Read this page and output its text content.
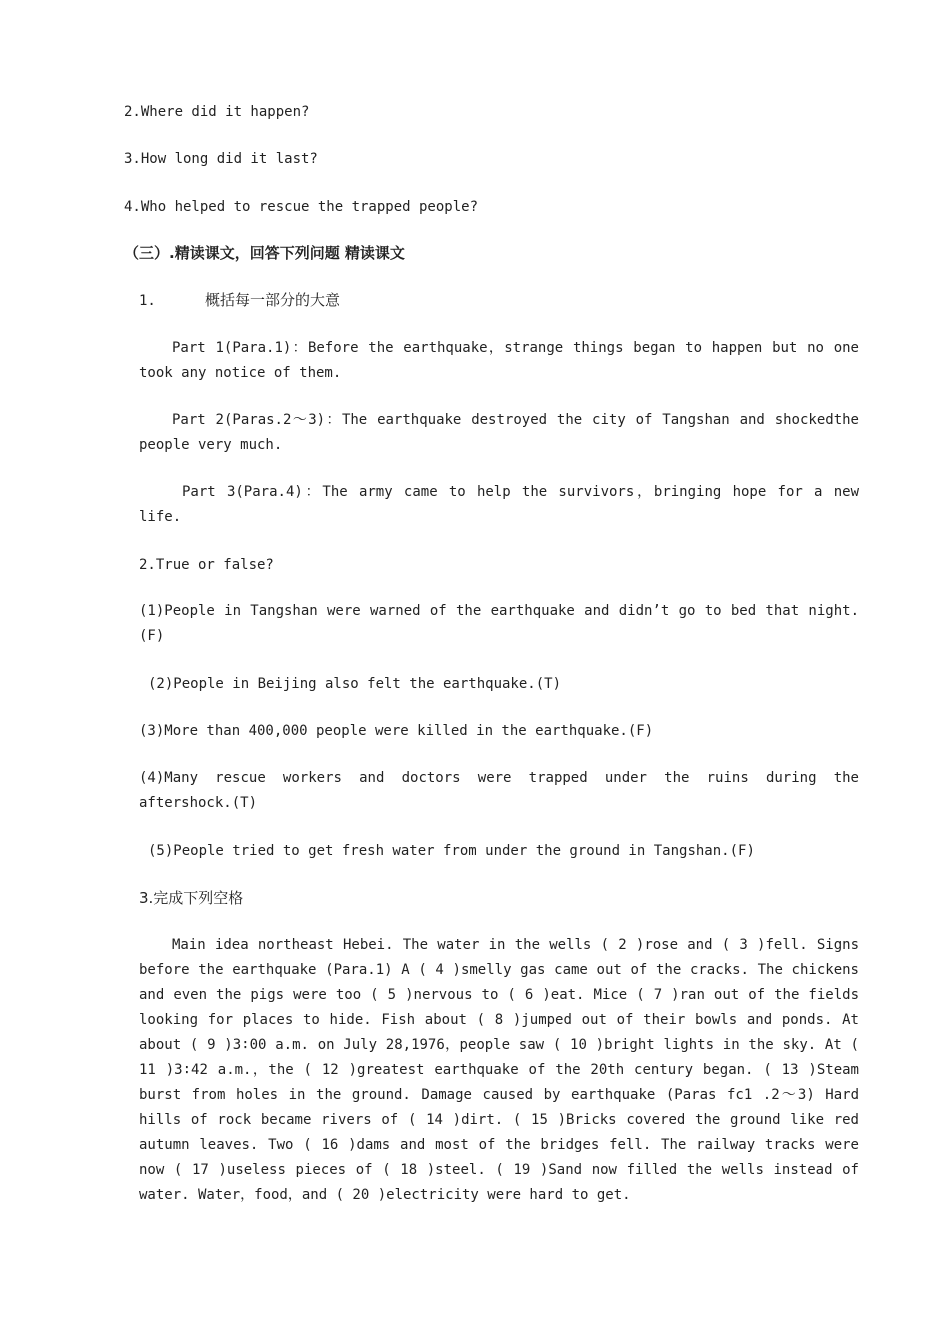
2.Where did it happen?
3.How long did it last?
4.Who helped to rescue the trapped people?
（三）.精读课文，回答下列问题 精读课文
1.	概括每一部分的大意
Part 1(Para.1)：Before the earthquake，strange things began to happen but no one took any notice of them.
Part 2(Paras.2～3)：The earthquake destroyed the city of Tangshan and shockedthe people very much.
Part 3(Para.4)：The army came to help the survivors，bringing hope for a new life.
2.True or false?
(1)People in Tangshan were warned of the earthquake and didn’t go to bed that night.(F)
(2)People in Beijing also felt the earthquake.(T)
(3)More than 400,000 people were killed in the earthquake.(F)
(4)Many rescue workers and doctors were trapped under the ruins during the aftershock.(T)
(5)People tried to get fresh water from under the ground in Tangshan.(F)
3.完成下列空格
Main idea northeast Hebei. The water in the wells ( 2 )rose and ( 3 )fell. Signs before the earthquake (Para.1) A ( 4 )smelly gas came out of the cracks. The chickens and even the pigs were too ( 5 )nervous to ( 6 )eat. Mice ( 7 )ran out of the fields looking for places to hide. Fish about ( 8 )jumped out of their bowls and ponds. At about ( 9 )3∶00 a.m. on July 28,1976，people saw ( 10 )bright lights in the sky. At ( 11 )3∶42 a.m.，the ( 12 )greatest earthquake of the 20th century began. ( 13 )Steam burst from holes in the ground. Damage caused by earthquake (Paras fc1 .2～3) Hard hills of rock became rivers of ( 14 )dirt. ( 15 )Bricks covered the ground like red autumn leaves. Two ( 16 )dams and most of the bridges fell. The railway tracks were now ( 17 )useless pieces of ( 18 )steel. ( 19 )Sand now filled the wells instead of water. Water，food，and ( 20 )electricity were hard to get.
